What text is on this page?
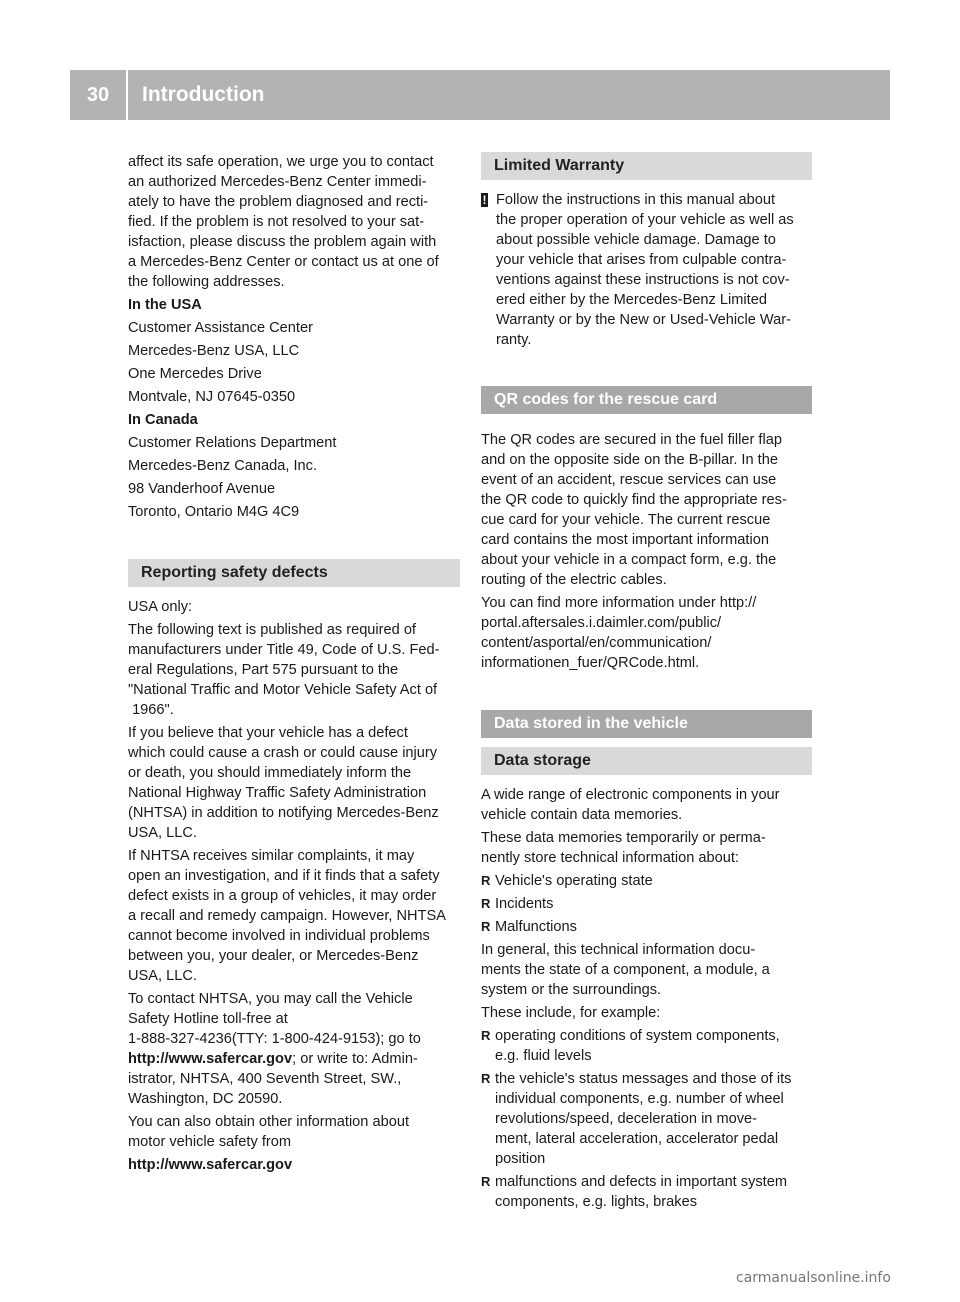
30	Introduction

affect its safe operation, we urge you to contact
an authorized Mercedes-Benz Center immedi-
ately to have the problem diagnosed and recti-
fied. If the problem is not resolved to your sat-
isfaction, please discuss the problem again with
a Mercedes-Benz Center or contact us at one of
the following addresses.

In the USA

Customer Assistance Center

Mercedes-Benz USA, LLC

One Mercedes Drive

Montvale, NJ 07645-0350

In Canada

Customer Relations Department

Mercedes-Benz Canada, Inc.

98 Vanderhoof Avenue

Toronto, Ontario M4G 4C9

Reporting safety defects

USA only:

The following text is published as required of
manufacturers under Title 49, Code of U.S. Fed-
eral Regulations, Part 575 pursuant to the
"National Traffic and Motor Vehicle Safety Act of
1966".

If you believe that your vehicle has a defect
which could cause a crash or could cause injury
or death, you should immediately inform the
National Highway Traffic Safety Administration
(NHTSA) in addition to notifying Mercedes-Benz
USA, LLC.

If NHTSA receives similar complaints, it may
open an investigation, and if it finds that a safety
defect exists in a group of vehicles, it may order
a recall and remedy campaign. However, NHTSA
cannot become involved in individual problems
between you, your dealer, or Mercedes-Benz
USA, LLC.

To contact NHTSA, you may call the Vehicle
Safety Hotline toll-free at
1-888-327-4236(TTY: 1-800-424-9153); go to
http://www.safercar.gov; or write to: Admin-
istrator, NHTSA, 400 Seventh Street, SW.,
Washington, DC 20590.

You can also obtain other information about
motor vehicle safety from

http://www.safercar.gov

Limited Warranty
! Follow the instructions in this manual about
the proper operation of your vehicle as well as
about possible vehicle damage. Damage to
your vehicle that arises from culpable contra-
ventions against these instructions is not cov-
ered either by the Mercedes-Benz Limited
Warranty or by the New or Used-Vehicle War-
ranty.
QR codes for the rescue card

The QR codes are secured in the fuel filler flap
and on the opposite side on the B-pillar. In the
event of an accident, rescue services can use
the QR code to quickly find the appropriate res-
cue card for your vehicle. The current rescue
card contains the most important information
about your vehicle in a compact form, e.g. the
routing of the electric cables.

You can find more information under http://
portal.aftersales.i.daimler.com/public/
content/asportal/en/communication/
informationen_fuer/QRCode.html.

Data stored in the vehicle
Data storage

A wide range of electronic components in your
vehicle contain data memories.

These data memories temporarily or perma-
nently store technical information about:

R Vehicle's operating state
R Incidents
R Malfunctions

In general, this technical information docu-
ments the state of a component, a module, a
system or the surroundings.

These include, for example:

R operating conditions of system components,
e.g. fluid levels
R the vehicle's status messages and those of its
individual components, e.g. number of wheel
revolutions/speed, deceleration in move-
ment, lateral acceleration, accelerator pedal
position
R malfunctions and defects in important system
components, e.g. lights, brakes
carmanualsonline.info
